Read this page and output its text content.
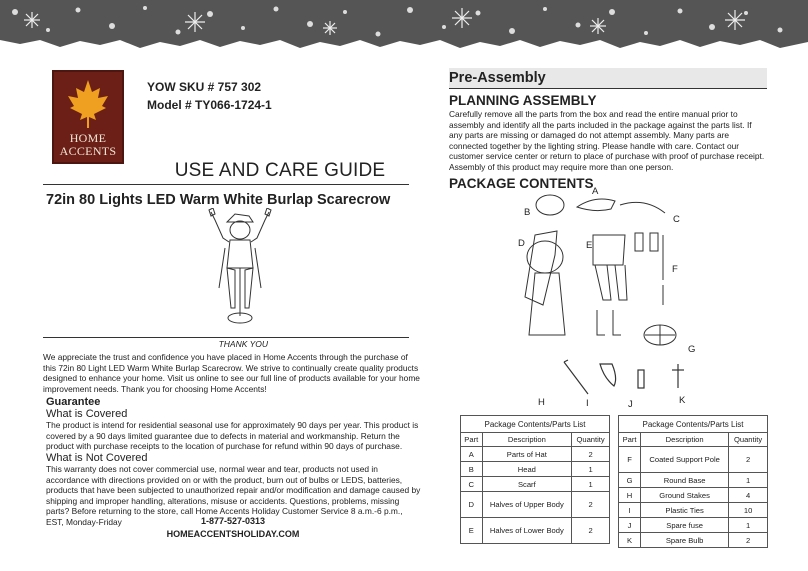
HOME
ACCENTS
YOW SKU # 757 302
Model # TY066-1724-1
USE AND CARE GUIDE
72in 80 Lights LED Warm White Burlap Scarecrow
THANK YOU
We appreciate the trust and confidence you have placed in Home Accents through the purchase of this 72in 80 Light LED Warm White Burlap Scarecrow. We strive to continually create quality products designed to enhance your home. Visit us online to see our full line of products available for your home improvement needs. Thank you for choosing Home Accents!
Guarantee
What is Covered
The product is intend for residential seasonal use for approximately 90 days per year. This product is covered by a 90 days limited guarantee due to defects in material and workmanship. Return the product with purchase receipts to the location of purchase for refund within 90 days of purchase.
What is Not Covered
This warranty does not cover commercial use, normal wear and tear, products not used in accordance with directions provided on or with the product, burn out of bulbs or LEDS, batteries, products that have been subjected to unauthorized repair and/or modification and damage caused by shipping and improper handling, alterations, misuse or accidents. Questions, problems, missing parts? Before returning to the store, call Home Accents Holiday Customer Service 8 a.m.-6 p.m., EST, Monday-Friday	1-877-527-0313
HOMEACCENTSHOLIDAY.COM
Pre-Assembly
PLANNING ASSEMBLY
Carefully remove all the parts from the box and read the entire manual prior to assembly and identify all the parts included in the package against the parts list. If any parts are missing or damaged do not attempt assembly. Many parts are connected together by the lighting string. Please handle with care. Contact our customer service center or return to place of purchase with proof of purchase receipt. Assembly of this product may require more than one person.
PACKAGE CONTENTS
A
B
C
D	E
F
G
H	I	J	K
Package Contents/Parts List		
Part	Description	Quantity
A	Parts of Hat	2
B	Head	1
C	Scarf	1
D	Halves of Upper Body	2
E	Halves of Lower Body	2
Package Contents/Parts List		
Part	Description	Quantity
F	Coated Support Pole	2
G	Round Base	1
H	Ground Stakes	4
I	Plastic Ties	10
J	Spare fuse	1
K	Spare Bulb	2
